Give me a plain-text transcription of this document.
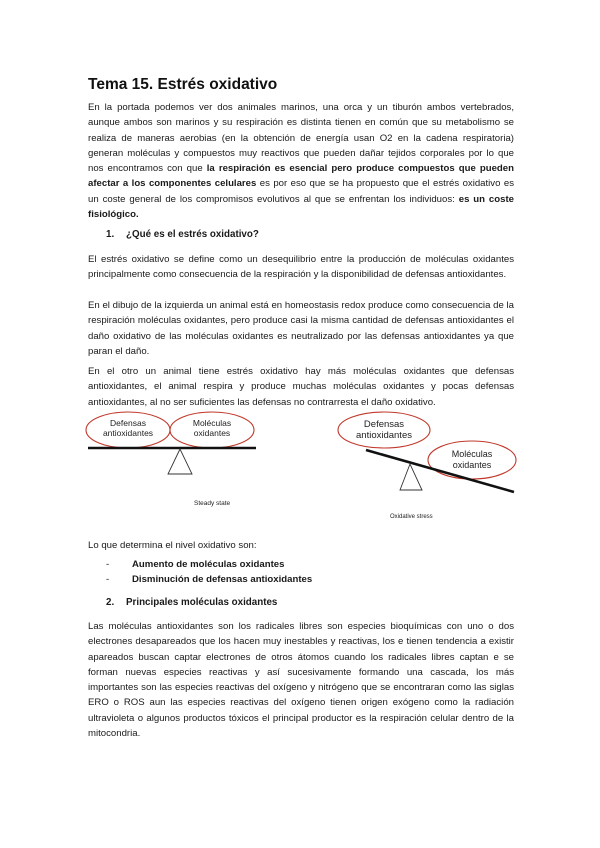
Tema 15. Estrés oxidativo

En la portada podemos ver dos animales marinos, una orca y un tiburón ambos vertebrados, aunque ambos son marinos y su respiración es distinta tienen en común que su metabolismo se realiza de maneras aerobias (en la obtención de energía usan O2 en la cadena respiratoria) generan moléculas y compuestos muy reactivos que pueden dañar tejidos corporales por lo que nos encontramos con que la respiración es esencial pero produce compuestos que pueden afectar a los componentes celulares es por eso que se ha propuesto que el estrés oxidativo es un coste general de los compromisos evolutivos al que se enfrentan los individuos: es un coste fisiológico.

1. ¿Qué es el estrés oxidativo?

El estrés oxidativo se define como un desequilibrio entre la producción de moléculas oxidantes principalmente como consecuencia de la respiración y la disponibilidad de defensas antioxidantes.

En el dibujo de la izquierda un animal está en homeostasis redox produce como consecuencia de la respiración moléculas oxidantes, pero produce casi la misma cantidad de defensas antioxidantes el daño oxidativo de las moléculas oxidantes es neutralizado por las defensas antioxidantes ya que paran el daño.

En el otro un animal tiene estrés oxidativo hay más moléculas oxidantes que defensas antioxidantes, el animal respira y produce muchas moléculas oxidantes y pocas defensas antioxidantes, al no ser suficientes las defensas no contrarresta el daño oxidativo.

Defensas
antioxidantes
Moléculas
oxidantes
Steady state
Defensas
antioxidantes
Moléculas
oxidantes
Oxidative stress

Lo que determina el nivel oxidativo son:

- Aumento de moléculas oxidantes
- Disminución de defensas antioxidantes
2. Principales moléculas oxidantes

Las moléculas antioxidantes son los radicales libres son especies bioquímicas con uno o dos electrones desapareados que los hacen muy inestables y reactivas, los e tienen tendencia a existir apareados buscan captar electrones de otros átomos cuando los radicales libres captan e se forman nuevas especies reactivas y así sucesivamente formando una cascada, los más importantes son las especies reactivas del oxígeno y nitrógeno que se encontraran como las siglas ERO o ROS aun las especies reactivas del oxígeno tienen origen exógeno como la radiación ultravioleta o algunos productos tóxicos el principal productor es la respiración celular dentro de la mitocondria.
